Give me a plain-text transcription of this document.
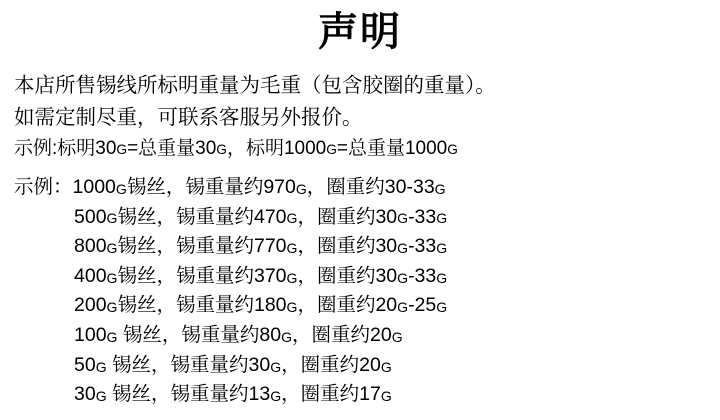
声明
本店所售锡线所标明重量为毛重（包含胶圈的重量）。
如需定制尽重，可联系客服另外报价。
示例:标明$30_G=$总重量$30_G$，标明$1000_G=$总重量$1000_G$
示例：$1000_G$锡丝，锡重量约$970_G$，圈重约$30-33_G$
$500_G$锡丝，锡重量约$470_G$，圈重约$30_G-33_G$
$800_G$锡丝，锡重量约$770_G$，圈重约$30_G-33_G$
$400_G$锡丝，锡重量约$370_G$，圈重约$30_G-33_G$
$200_G$锡丝，锡重量约$180_G$，圈重约$20_G-25_G$
$100_G$ 锡丝，锡重量约$80_G$，圈重约$20_G$
$50_G$ 锡丝，锡重量约$30_G$，圈重约$20_G$
$30_G$ 锡丝，锡重量约$13_G$，圈重约$17_G$
